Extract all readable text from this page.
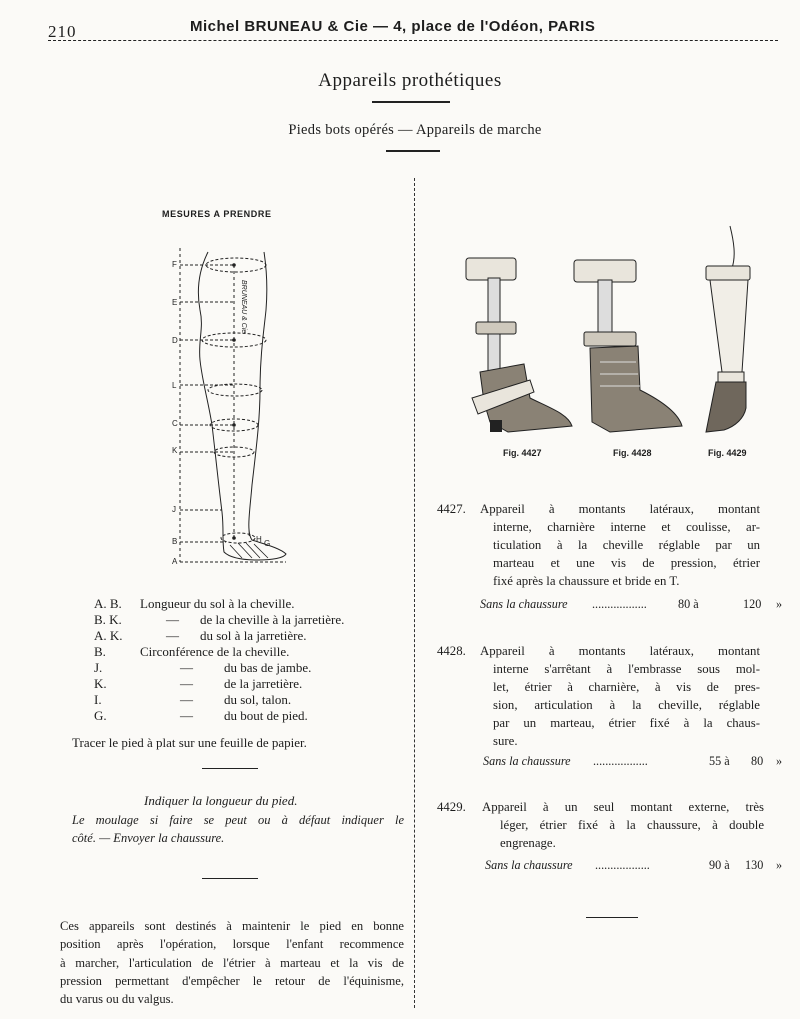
210	Michel BRUNEAU & Cie — 4, place de l'Odéon, PARIS
Appareils prothétiques
Pieds bots opérés — Appareils de marche
MESURES A PRENDRE
F
E
D
L
C
K
J
B
A
I
H G
BRUNEAU & Cie
A. B. Longueur du sol à la cheville.
B. K.	— de la cheville à la jarretière.
A. K.	— du sol à la jarretière.
B.	Circonférence de la cheville.
J.	— du bas de jambe.
K.	— de la jarretière.
I.	— du sol, talon.
G.	— du bout de pied.
Tracer le pied à plat sur une feuille de papier.
Indiquer la longueur du pied.
Le moulage si faire se peut ou à défaut indiquer le
côté. — Envoyer la chaussure.
Ces appareils sont destinés à maintenir le pied en bonne
position après l'opération, lorsque l'enfant recommence
à marcher, l'articulation de l'étrier à marteau et la vis de
pression permettant d'empêcher le retour de l'équinisme,
du varus ou du valgus.
Fig. 4427	Fig. 4428	Fig. 4429
4427. Appareil à montants latéraux, montant
interne, charnière interne et coulisse, ar-
ticulation à la cheville réglable par un
marteau et une vis de pression, étrier
fixé après la chaussure et bride en T.
Sans la chaussure ..................	80 à	120 »
4428. Appareil à montants latéraux, montant
interne s'arrêtant à l'embrasse sous mol-
let, étrier à charnière, à vis de pres-
sion, articulation à la cheville, réglable
par un marteau, étrier fixé à la chaus-
sure.
Sans la chaussure ..................	55 à 80 »
4429. Appareil à un seul montant externe, très
léger, étrier fixé à la chaussure, à double
engrenage.
Sans la chaussure ..................	90 à 130 »
